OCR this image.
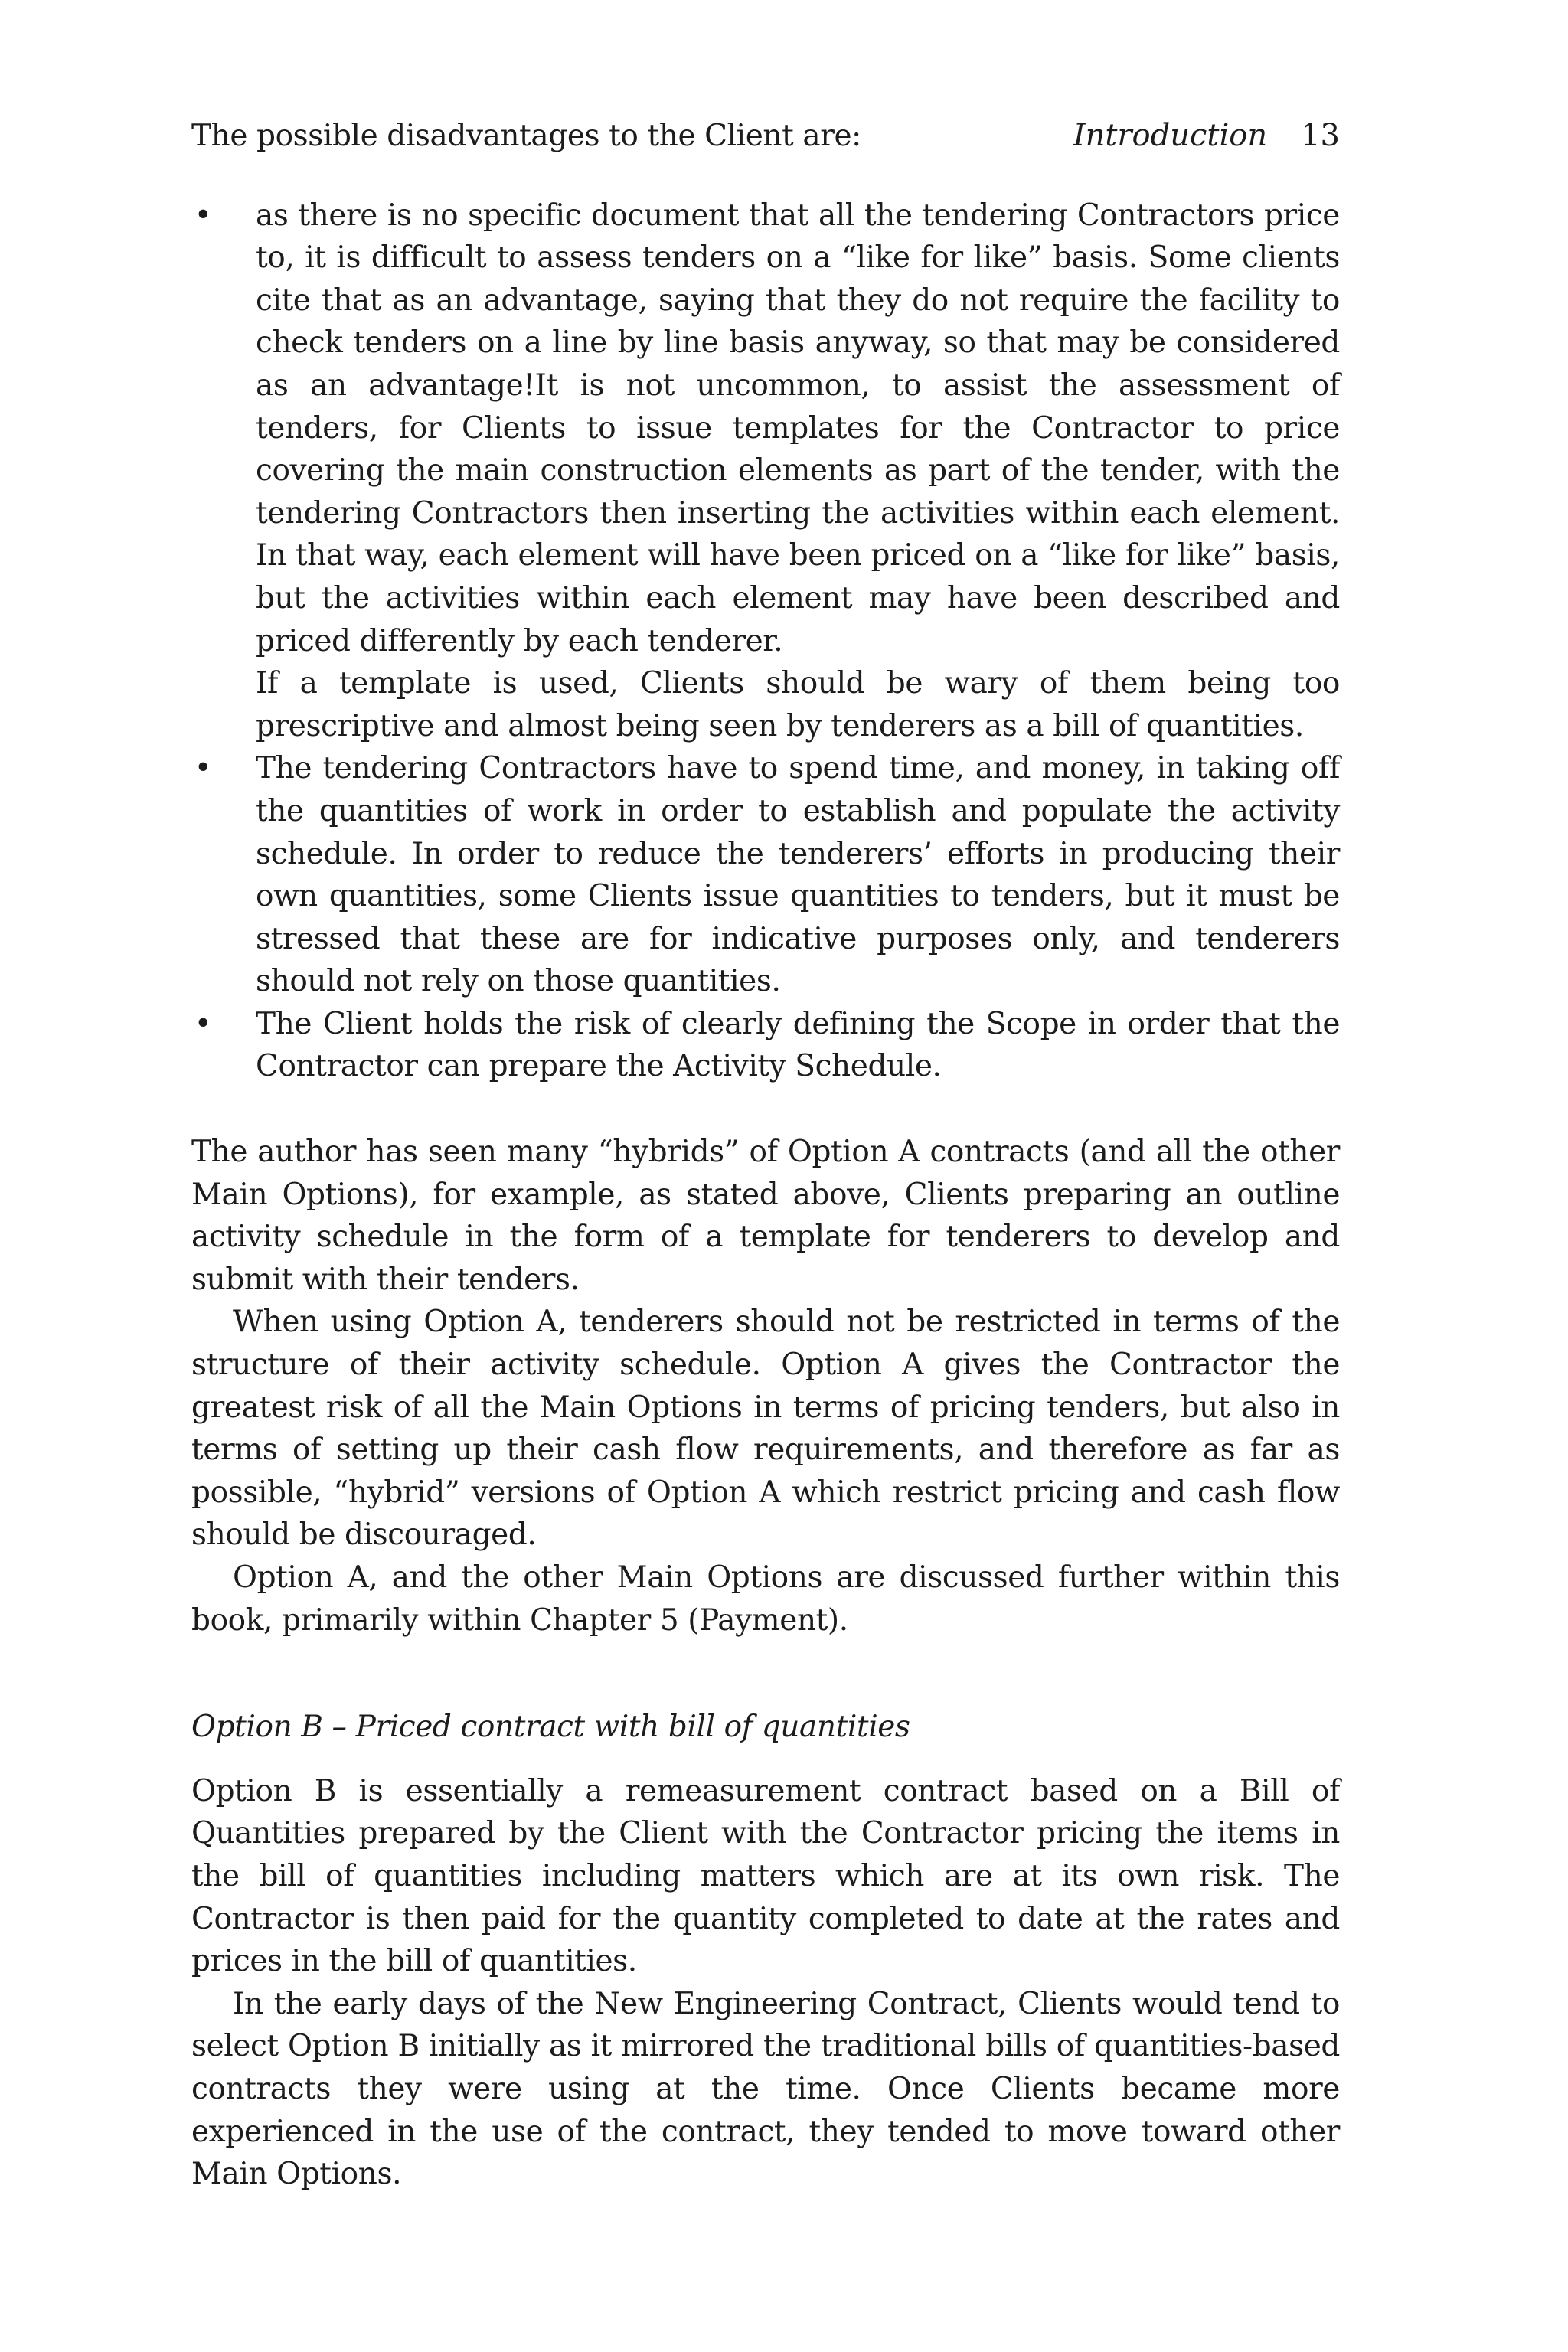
Introduction 13

The possible disadvantages to the Client are:

• as there is no specific document that all the tendering Contractors price to, it is difficult to assess tenders on a “like for like” basis. Some clients cite that as an advantage, saying that they do not require the facility to check tenders on a line by line basis anyway, so that may be considered as an advantage!It is not uncommon, to assist the assessment of tenders, for Clients to issue templates for the Contractor to price covering the main construction elements as part of the tender, with the tendering Contractors then inserting the activities within each element. In that way, each element will have been priced on a “like for like” basis, but the activities within each element may have been described and priced differently by each tenderer.

If a template is used, Clients should be wary of them being too prescriptive and almost being seen by tenderers as a bill of quantities.

• The tendering Contractors have to spend time, and money, in taking off the quantities of work in order to establish and populate the activity schedule. In order to reduce the tenderers’ efforts in producing their own quantities, some Clients issue quantities to tenders, but it must be stressed that these are for indicative purposes only, and tenderers should not rely on those quantities.

• The Client holds the risk of clearly defining the Scope in order that the Contractor can prepare the Activity Schedule.

The author has seen many “hybrids” of Option A contracts (and all the other Main Options), for example, as stated above, Clients preparing an outline activity schedule in the form of a template for tenderers to develop and submit with their tenders.

When using Option A, tenderers should not be restricted in terms of the structure of their activity schedule. Option A gives the Contractor the greatest risk of all the Main Options in terms of pricing tenders, but also in terms of setting up their cash flow requirements, and therefore as far as possible, “hybrid” versions of Option A which restrict pricing and cash flow should be discouraged.

Option A, and the other Main Options are discussed further within this book, primarily within Chapter 5 (Payment).

Option B – Priced contract with bill of quantities

Option B is essentially a remeasurement contract based on a Bill of Quantities prepared by the Client with the Contractor pricing the items in the bill of quantities including matters which are at its own risk. The Contractor is then paid for the quantity completed to date at the rates and prices in the bill of quantities.

In the early days of the New Engineering Contract, Clients would tend to select Option B initially as it mirrored the traditional bills of quantities-based contracts they were using at the time. Once Clients became more experienced in the use of the contract, they tended to move toward other Main Options.
